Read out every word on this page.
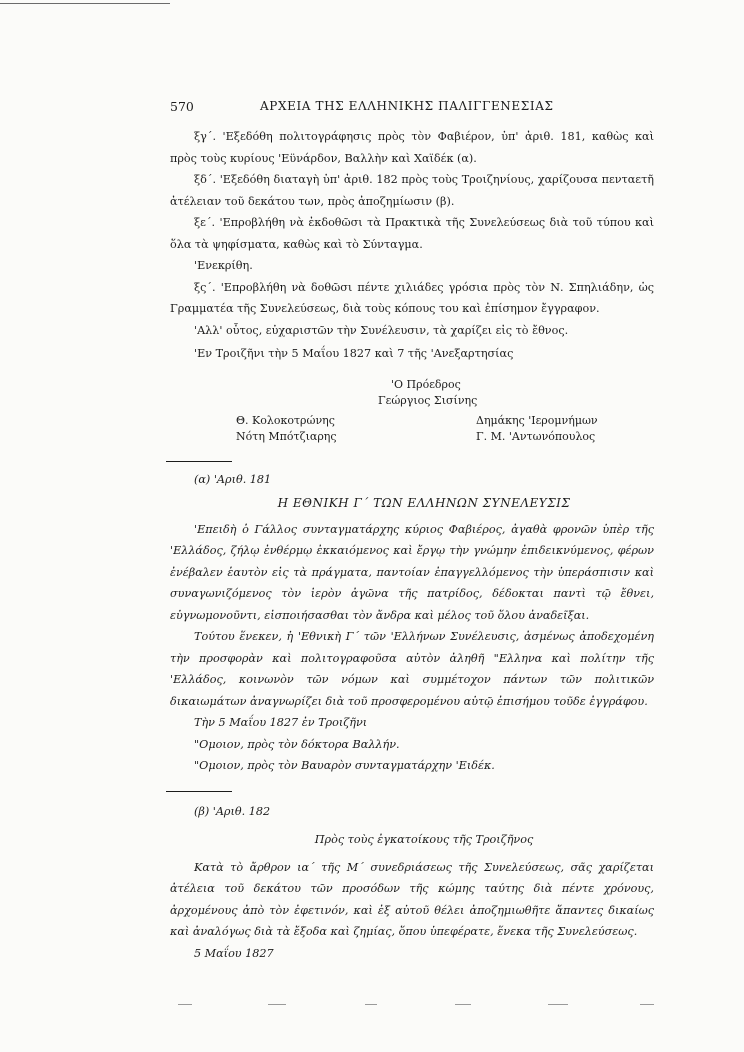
570	ΑΡΧΕΙΑ ΤΗΣ ΕΛΛΗΝΙΚΗΣ ΠΑΛΙΓΓΕΝΕΣΙΑΣ

ξγ΄. 'Εξεδόθη πολιτογράφησις πρὸς τὸν Φαβιέρον, ὑπ' ἀριθ. 181, καθὼς καὶ πρὸς τοὺς κυρίους 'Εϋνάρδον, Βαλλὴν καὶ Χαϊδέκ (α).

ξδ΄. 'Εξεδόθη διαταγὴ ὑπ' ἀριθ. 182 πρὸς τοὺς Τροιζηνίους, χαρίζουσα πενταετῆ ἀτέλειαν τοῦ δεκάτου των, πρὸς ἀποζημίωσιν (β).

ξε΄. 'Επροβλήθη νὰ ἐκδοθῶσι τὰ Πρακτικὰ τῆς Συνελεύσεως διὰ τοῦ τύπου καὶ ὅλα τὰ ψηφίσματα, καθὼς καὶ τὸ Σύνταγμα.

'Ενεκρίθη.

ξς΄. 'Επροβλήθη νὰ δοθῶσι πέντε χιλιάδες γρόσια πρὸς τὸν Ν. Σπηλιάδην, ὡς Γραμματέα τῆς Συνελεύσεως, διὰ τοὺς κόπους του καὶ ἐπίσημον ἔγγραφον.

'Αλλ' οὗτος, εὐχαριστῶν τὴν Συνέλευσιν, τὰ χαρίζει εἰς τὸ ἔθνος.

'Εν Τροιζῆνι τὴν 5 Μαΐου 1827 καὶ 7 τῆς 'Ανεξαρτησίας

'Ο Πρόεδρος
Γεώργιος Σισίνης
Θ. Κολοκοτρώνης
Νότη Μπότζιαρης
Δημάκης 'Ιερομνήμων
Γ. Μ. 'Αντωνόπουλος

(α) 'Αριθ. 181

Η ΕΘΝΙΚΗ Γ΄ ΤΩΝ ΕΛΛΗΝΩΝ ΣΥΝΕΛΕΥΣΙΣ

'Επειδὴ ὁ Γάλλος συνταγματάρχης κύριος Φαβιέρος, ἀγαθὰ φρονῶν ὑπὲρ τῆς 'Ελλάδος, ζήλῳ ἐνθέρμῳ ἐκκαιόμενος καὶ ἔργῳ τὴν γνώμην ἐπιδεικνύμενος, φέρων ἐνέβαλεν ἑαυτὸν εἰς τὰ πράγματα, παντοίαν ἐπαγγελλόμενος τὴν ὑπεράσπισιν καὶ συναγωνιζόμενος τὸν ἱερὸν ἀγῶνα τῆς πατρίδος, δέδοκται παντὶ τῷ ἔθνει, εὐγνωμονοῦντι, εἰσποιήσασθαι τὸν ἄνδρα καὶ μέλος τοῦ ὅλου ἀναδεῖξαι.

Τούτου ἕνεκεν, ἡ 'Εθνικὴ Γ΄ τῶν 'Ελλήνων Συνέλευσις, ἀσμένως ἀποδεχομένη τὴν προσφορὰν καὶ πολιτογραφοῦσα αὐτὸν ἀληθῆ "Ελληνα καὶ πολίτην τῆς 'Ελλάδος, κοινωνὸν τῶν νόμων καὶ συμμέτοχον πάντων τῶν πολιτικῶν δικαιωμάτων ἀναγνωρίζει διὰ τοῦ προσφερομένου αὐτῷ ἐπισήμου τοῦδε ἐγγράφου.

Τὴν 5 Μαΐου 1827 ἐν Τροιζῆνι

"Ομοιον, πρὸς τὸν δόκτορα Βαλλήν.

"Ομοιον, πρὸς τὸν Βαυαρὸν συνταγματάρχην 'Ειδέκ.

(β) 'Αριθ. 182

Πρὸς τοὺς ἐγκατοίκους τῆς Τροιζῆνος

Κατὰ τὸ ἄρθρον ια΄ τῆς Μ΄ συνεδριάσεως τῆς Συνελεύσεως, σᾶς χαρίζεται ἀτέλεια τοῦ δεκάτου τῶν προσόδων τῆς κώμης ταύτης διὰ πέντε χρόνους, ἀρχομένους ἀπὸ τὸν ἐφετινόν, καὶ ἐξ αὐτοῦ θέλει ἀποζημιωθῆτε ἅπαντες δικαίως καὶ ἀναλόγως διὰ τὰ ἔξοδα καὶ ζημίας, ὅπου ὑπεφέρατε, ἕνεκα τῆς Συνελεύσεως.

5 Μαΐου 1827
